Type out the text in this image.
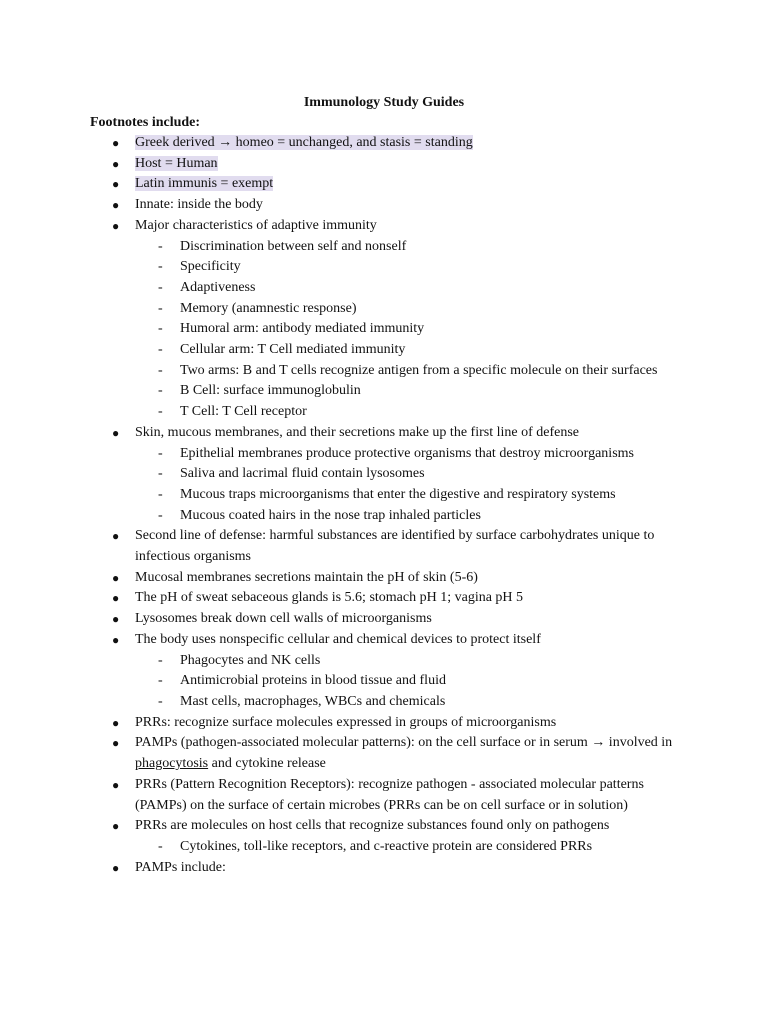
Immunology Study Guides
Footnotes include:
● Greek derived → homeo = unchanged, and stasis = standing
● Host = Human
● Latin immunis = exempt
● Innate: inside the body
● Major characteristics of adaptive immunity
- Discrimination between self and nonself
- Specificity
- Adaptiveness
- Memory (anamnestic response)
- Humoral arm: antibody mediated immunity
- Cellular arm: T Cell mediated immunity
- Two arms: B and T cells recognize antigen from a specific molecule on their surfaces
- B Cell: surface immunoglobulin
- T Cell: T Cell receptor
● Skin, mucous membranes, and their secretions make up the first line of defense
- Epithelial membranes produce protective organisms that destroy microorganisms
- Saliva and lacrimal fluid contain lysosomes
- Mucous traps microorganisms that enter the digestive and respiratory systems
- Mucous coated hairs in the nose trap inhaled particles
● Second line of defense: harmful substances are identified by surface carbohydrates unique to infectious organisms
● Mucosal membranes secretions maintain the pH of skin (5-6)
● The pH of sweat sebaceous glands is 5.6; stomach pH 1; vagina pH 5
● Lysosomes break down cell walls of microorganisms
● The body uses nonspecific cellular and chemical devices to protect itself
- Phagocytes and NK cells
- Antimicrobial proteins in blood tissue and fluid
- Mast cells, macrophages, WBCs and chemicals
● PRRs: recognize surface molecules expressed in groups of microorganisms
● PAMPs (pathogen-associated molecular patterns): on the cell surface or in serum → involved in phagocytosis and cytokine release
● PRRs (Pattern Recognition Receptors): recognize pathogen - associated molecular patterns (PAMPs) on the surface of certain microbes (PRRs can be on cell surface or in solution)
● PRRs are molecules on host cells that recognize substances found only on pathogens
- Cytokines, toll-like receptors, and c-reactive protein are considered PRRs
● PAMPs include:
